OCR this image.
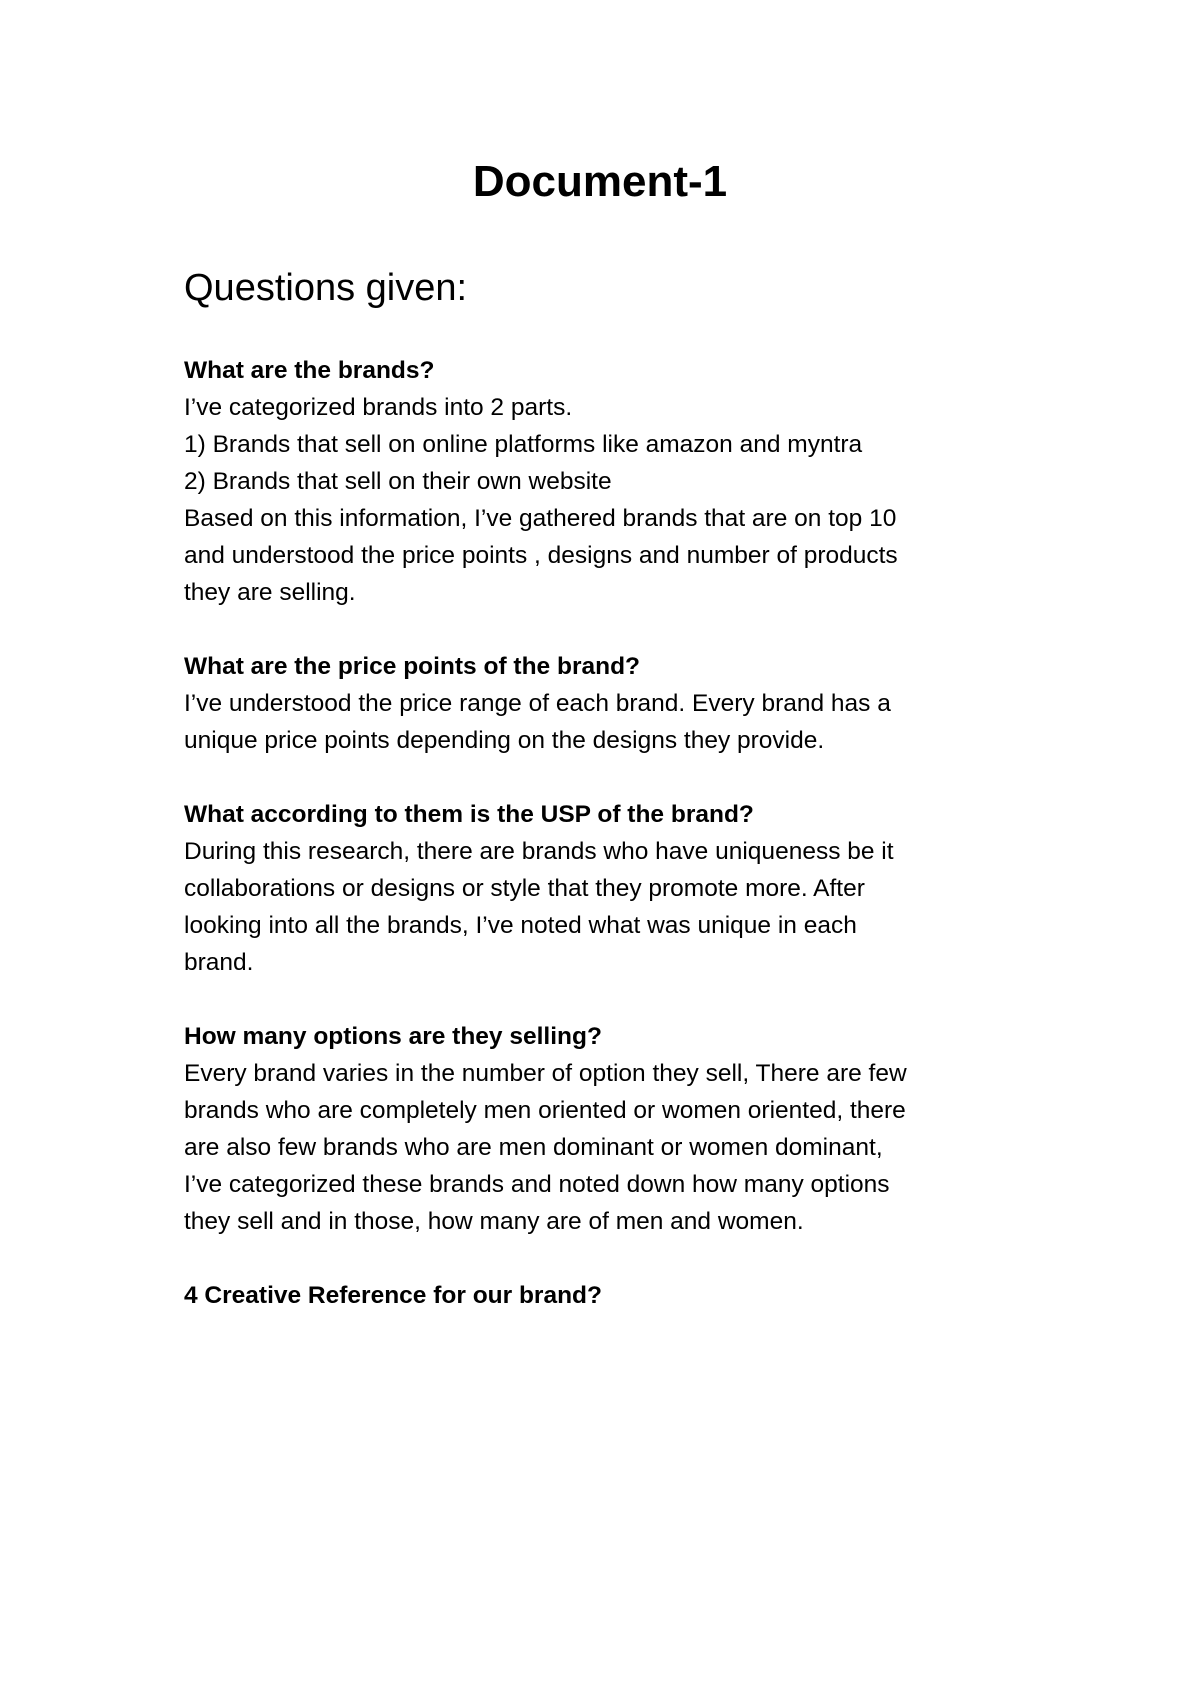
Document-1
Questions given:

What are the brands?

I’ve categorized brands into 2 parts.

1) Brands that sell on online platforms like amazon and myntra

2) Brands that sell on their own website

Based on this information, I’ve gathered brands that are on top 10

and understood the price points , designs and number of products

they are selling.

What are the price points of the brand?

I’ve understood the price range of each brand. Every brand has a

unique price points depending on the designs they provide.

What according to them is the USP of the brand?

During this research, there are brands who have uniqueness be it

collaborations or designs or style that they promote more. After

looking into all the brands, I’ve noted what was unique in each

brand.

How many options are they selling?

Every brand varies in the number of option they sell, There are few

brands who are completely men oriented or women oriented, there

are also few brands who are men dominant or women dominant,

I’ve categorized these brands and noted down how many options

they sell and in those, how many are of men and women.

4 Creative Reference for our brand?
